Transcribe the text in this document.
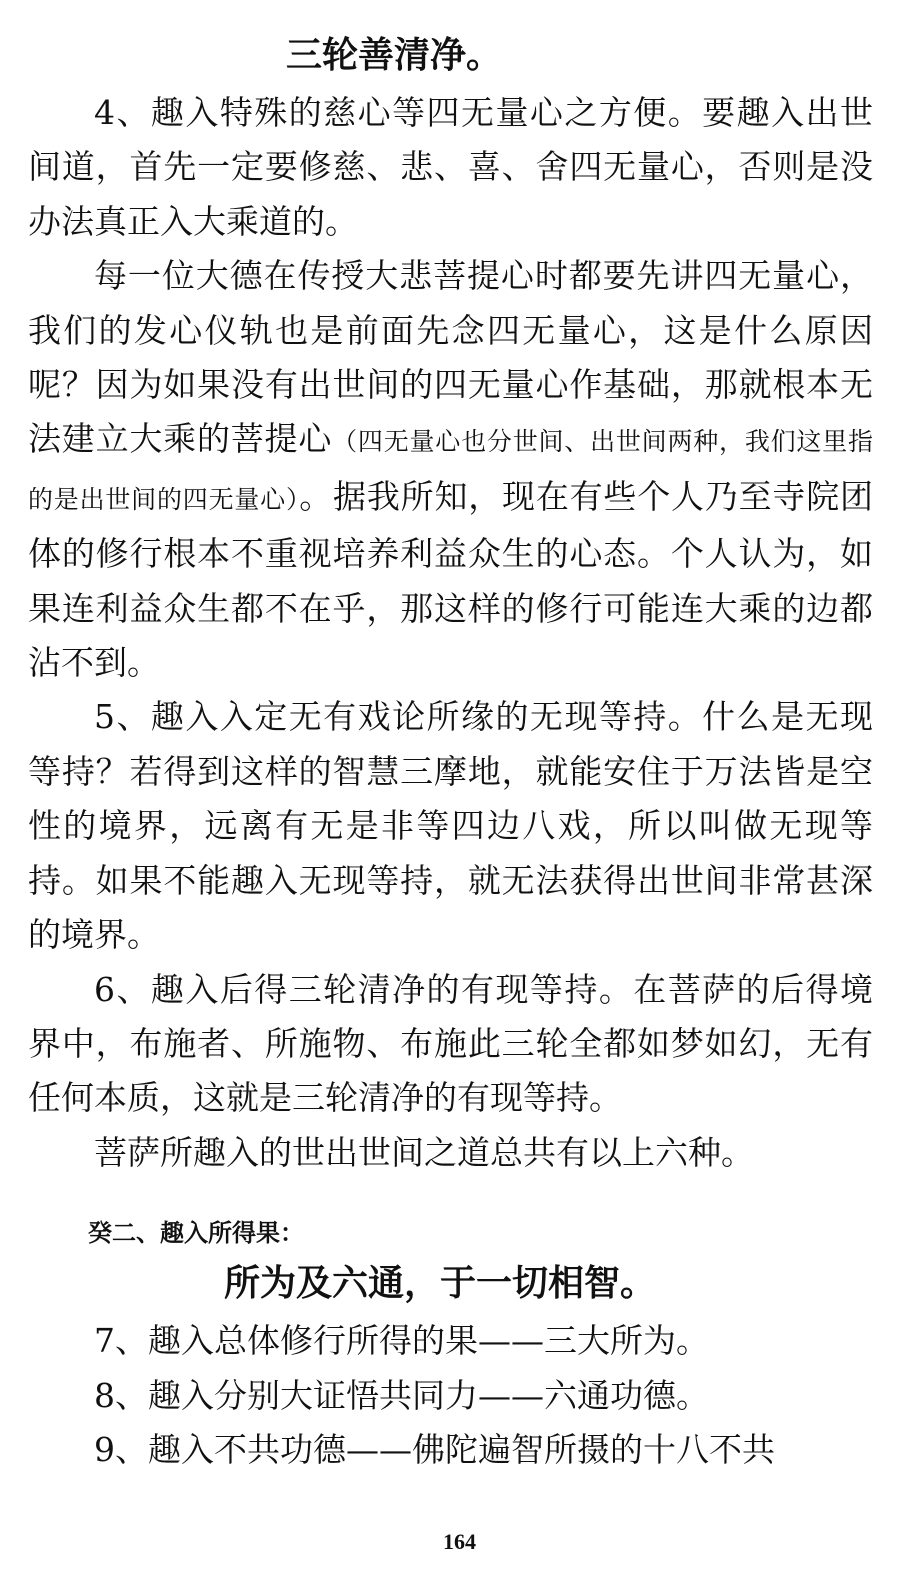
三轮善清净。

4、趣入特殊的慈心等四无量心之方便。要趣入出世间道，首先一定要修慈、悲、喜、舍四无量心，否则是没办法真正入大乘道的。

每一位大德在传授大悲菩提心时都要先讲四无量心，我们的发心仪轨也是前面先念四无量心，这是什么原因呢？因为如果没有出世间的四无量心作基础，那就根本无法建立大乘的菩提心（四无量心也分世间、出世间两种，我们这里指的是出世间的四无量心）。据我所知，现在有些个人乃至寺院团体的修行根本不重视培养利益众生的心态。个人认为，如果连利益众生都不在乎，那这样的修行可能连大乘的边都沾不到。

5、趣入入定无有戏论所缘的无现等持。什么是无现等持？若得到这样的智慧三摩地，就能安住于万法皆是空性的境界，远离有无是非等四边八戏，所以叫做无现等持。如果不能趣入无现等持，就无法获得出世间非常甚深的境界。

6、趣入后得三轮清净的有现等持。在菩萨的后得境界中，布施者、所施物、布施此三轮全都如梦如幻，无有任何本质，这就是三轮清净的有现等持。

菩萨所趣入的世出世间之道总共有以上六种。

癸二、趣入所得果：
所为及六通，于一切相智。

7、趣入总体修行所得的果——三大所为。

8、趣入分别大证悟共同力——六通功德。

9、趣入不共功德——佛陀遍智所摄的十八不共

164
